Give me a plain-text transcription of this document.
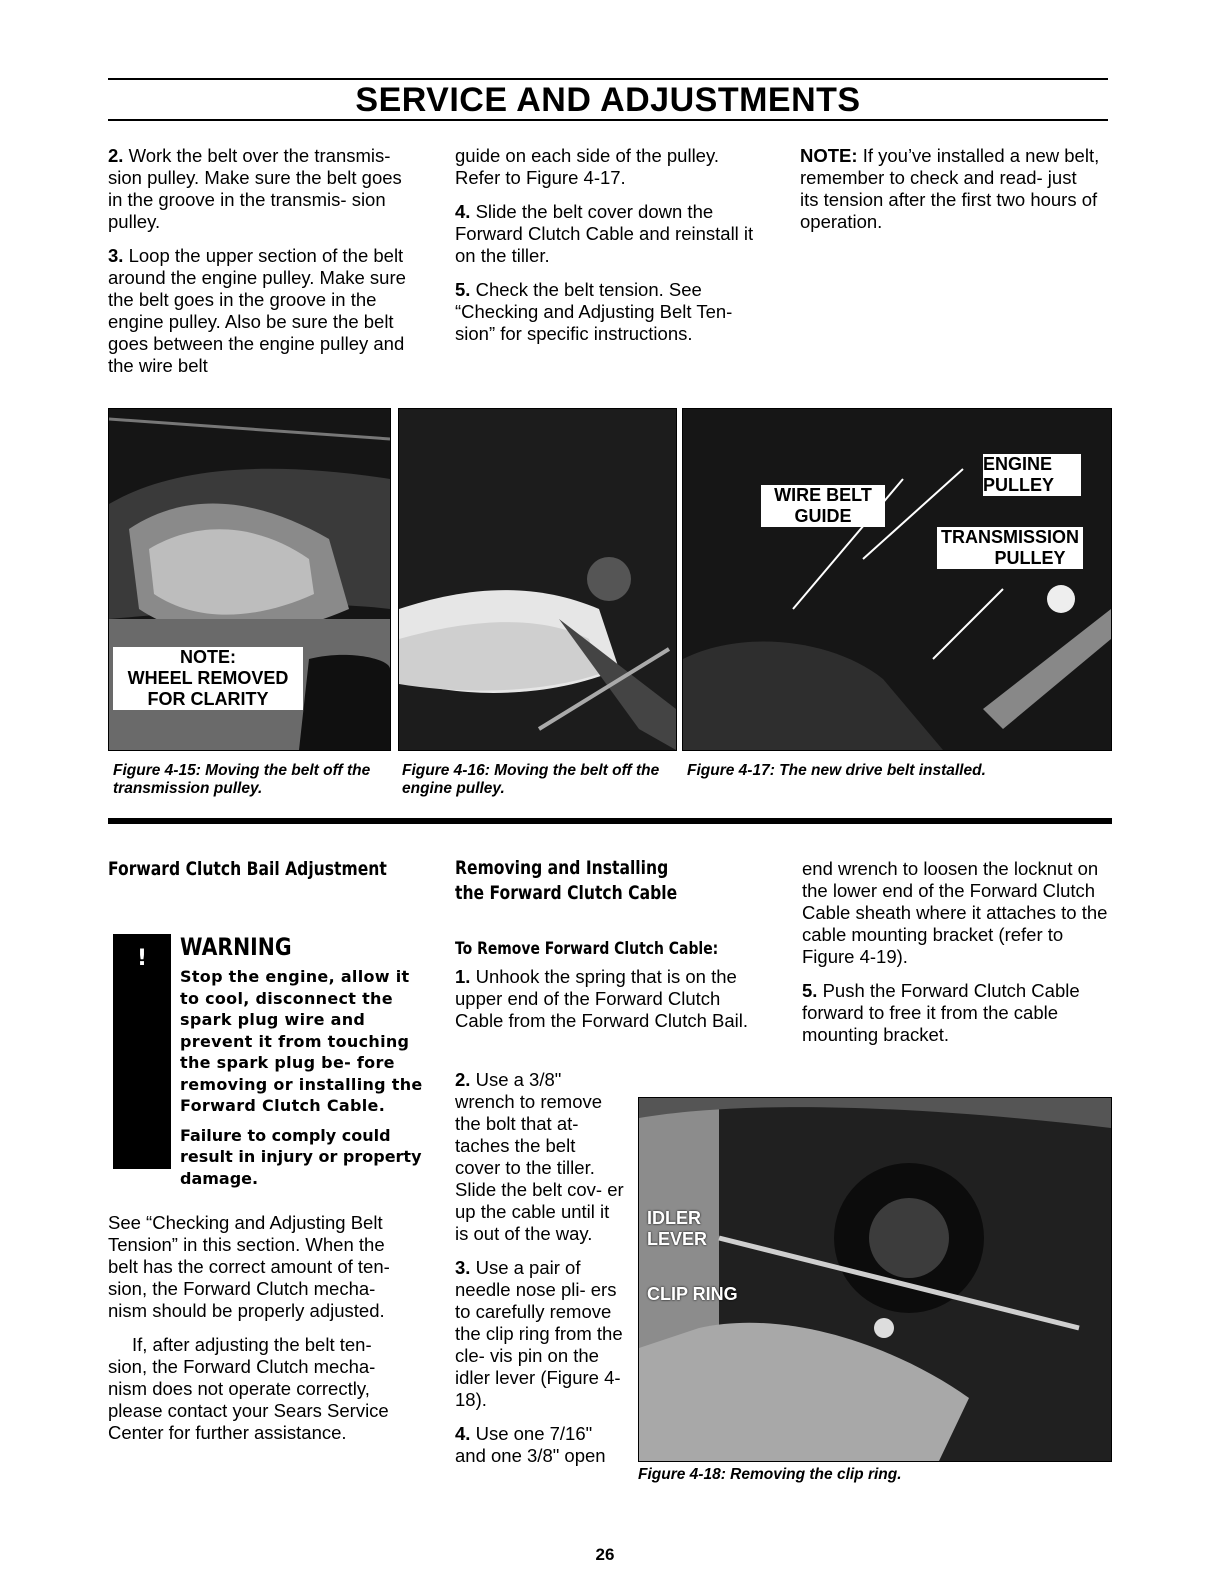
SERVICE AND ADJUSTMENTS

2. Work the belt over the transmis- sion pulley. Make sure the belt goes in the groove in the transmis- sion pulley.

3. Loop the upper section of the belt around the engine pulley. Make sure the belt goes in the groove in the engine pulley. Also be sure the belt goes between the engine pulley and the wire belt

guide on each side of the pulley. Refer to Figure 4-17.

4. Slide the belt cover down the Forward Clutch Cable and reinstall it on the tiller.

5. Check the belt tension. See “Checking and Adjusting Belt Ten- sion” for specific instructions.

NOTE: If you’ve installed a new belt, remember to check and read- just its tension after the first two hours of operation.

NOTE:
WHEEL REMOVED
FOR CLARITY
Figure 4-15: Moving the belt off the transmission pulley.
Figure 4-16: Moving the belt off the engine pulley.
WIRE BELT
GUIDE
ENGINE
PULLEY
TRANSMISSION
PULLEY
Figure 4-17: The new drive belt installed.
Forward Clutch Bail Adjustment
!	WARNING
Stop the engine, allow it to cool, disconnect the spark plug wire and prevent it from touching the spark plug be- fore removing or installing the Forward Clutch Cable.
Failure to comply could result in injury or property damage.

See “Checking and Adjusting Belt Tension” in this section. When the belt has the correct amount of ten- sion, the Forward Clutch mecha- nism should be properly adjusted.

If, after adjusting the belt ten- sion, the Forward Clutch mecha- nism does not operate correctly, please contact your Sears Service Center for further assistance.

Removing and Installing
the Forward Clutch Cable
To Remove Forward Clutch Cable:

1. Unhook the spring that is on the upper end of the Forward Clutch Cable from the Forward Clutch Bail.

2. Use a 3/8" wrench to remove the bolt that at- taches the belt cover to the tiller. Slide the belt cov- er up the cable until it is out of the way.

3. Use a pair of needle nose pli- ers to carefully remove the clip ring from the cle- vis pin on the idler lever (Figure 4-18).

4. Use one 7/16" and one 3/8" open

end wrench to loosen the locknut on the lower end of the Forward Clutch Cable sheath where it attaches to the cable mounting bracket (refer to Figure 4-19).

5. Push the Forward Clutch Cable forward to free it from the cable mounting bracket.

IDLER
LEVER
CLIP RING
Figure 4-18: Removing the clip ring.
26
